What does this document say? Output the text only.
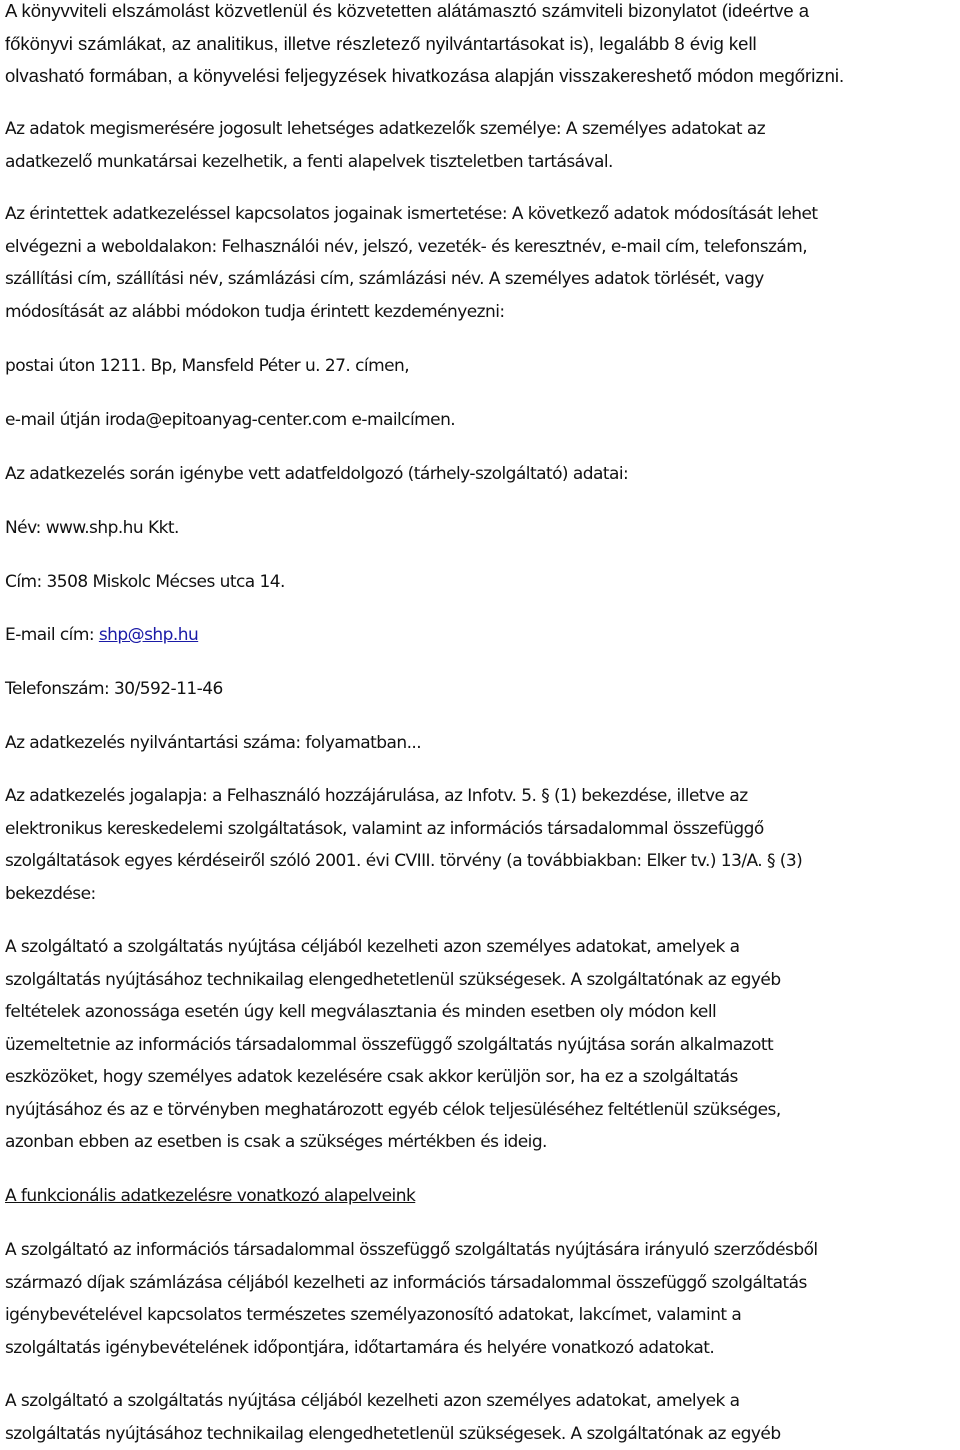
A könyvviteli elszámolást közvetlenül és közvetetten alátámasztó számviteli bizonylatot (ideértve a
főkönyvi számlákat, az analitikus, illetve részletező nyilvántartásokat is), legalább 8 évig kell
olvasható formában, a könyvelési feljegyzések hivatkozása alapján visszakereshető módon megőrizni.

Az adatok megismerésére jogosult lehetséges adatkezelők személye: A személyes adatokat az
adatkezelő munkatársai kezelhetik, a fenti alapelvek tiszteletben tartásával.

Az érintettek adatkezeléssel kapcsolatos jogainak ismertetése: A következő adatok módosítását lehet
elvégezni a weboldalakon: Felhasználói név, jelszó, vezeték- és keresztnév, e-mail cím, telefonszám,
szállítási cím, szállítási név, számlázási cím, számlázási név. A személyes adatok törlését, vagy
módosítását az alábbi módokon tudja érintett kezdeményezni:

postai úton 1211. Bp, Mansfeld Péter u. 27. címen,

e-mail útján iroda@epitoanyag-center.com e-mailcímen.

Az adatkezelés során igénybe vett adatfeldolgozó (tárhely-szolgáltató) adatai:

Név: www.shp.hu Kkt.

Cím: 3508 Miskolc Mécses utca 14.

E-mail cím: shp@shp.hu

Telefonszám: 30/592-11-46

Az adatkezelés nyilvántartási száma: folyamatban...

Az adatkezelés jogalapja: a Felhasználó hozzájárulása, az Infotv. 5. § (1) bekezdése, illetve az
elektronikus kereskedelemi szolgáltatások, valamint az információs társadalommal összefüggő
szolgáltatások egyes kérdéseiről szóló 2001. évi CVIII. törvény (a továbbiakban: Elker tv.) 13/A. § (3)
bekezdése:

A szolgáltató a szolgáltatás nyújtása céljából kezelheti azon személyes adatokat, amelyek a
szolgáltatás nyújtásához technikailag elengedhetetlenül szükségesek. A szolgáltatónak az egyéb
feltételek azonossága esetén úgy kell megválasztania és minden esetben oly módon kell
üzemeltetnie az információs társadalommal összefüggő szolgáltatás nyújtása során alkalmazott
eszközöket, hogy személyes adatok kezelésére csak akkor kerüljön sor, ha ez a szolgáltatás
nyújtásához és az e törvényben meghatározott egyéb célok teljesüléséhez feltétlenül szükséges,
azonban ebben az esetben is csak a szükséges mértékben és ideig.

A funkcionális adatkezelésre vonatkozó alapelveink

A szolgáltató az információs társadalommal összefüggő szolgáltatás nyújtására irányuló szerződésből
származó díjak számlázása céljából kezelheti az információs társadalommal összefüggő szolgáltatás
igénybevételével kapcsolatos természetes személyazonosító adatokat, lakcímet, valamint a
szolgáltatás igénybevételének időpontjára, időtartamára és helyére vonatkozó adatokat.

A szolgáltató a szolgáltatás nyújtása céljából kezelheti azon személyes adatokat, amelyek a
szolgáltatás nyújtásához technikailag elengedhetetlenül szükségesek. A szolgáltatónak az egyéb
